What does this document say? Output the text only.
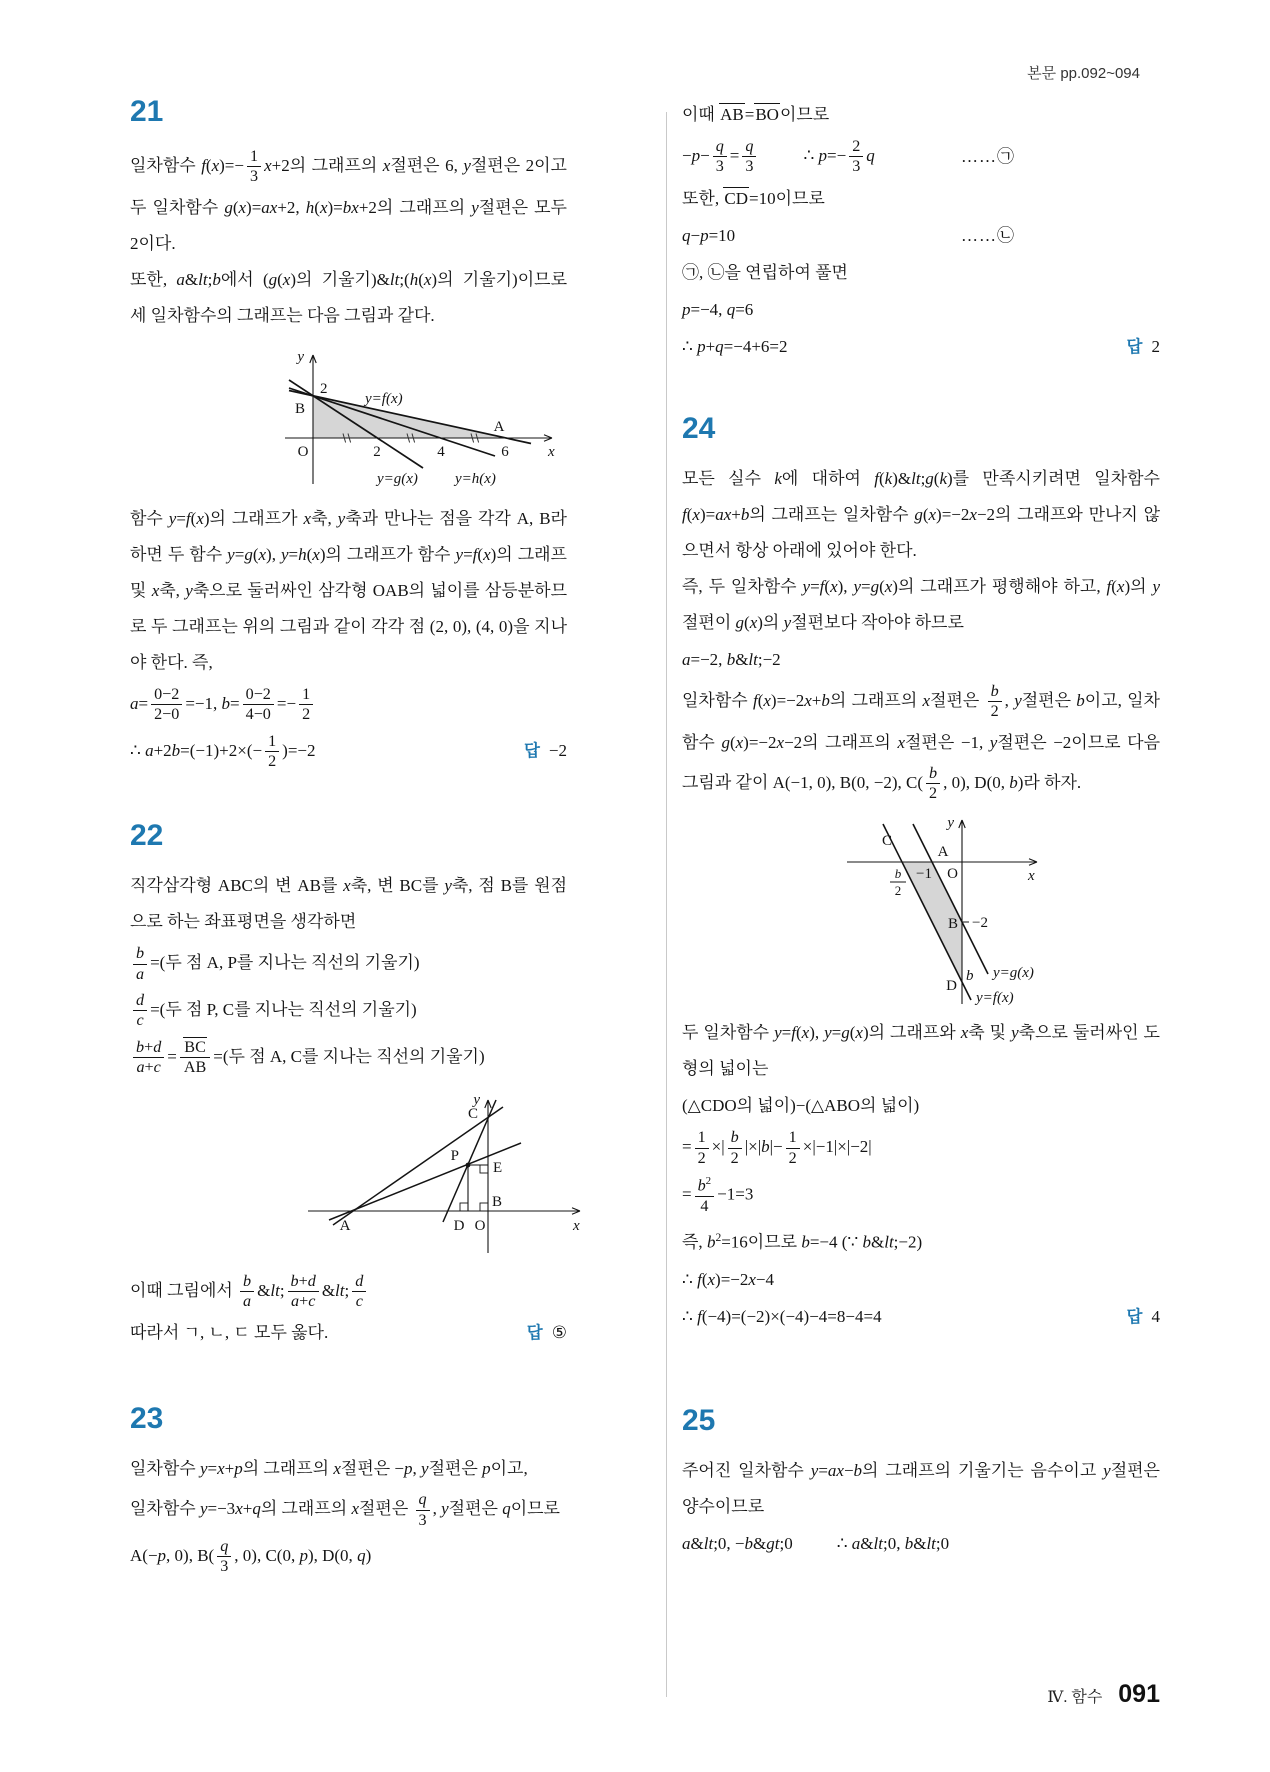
본문 pp.092~094
21

일차함수 $f(x)=- \frac{1}{3} x+2$의 그래프의 x절편은 6, y절편은 2이고 두 일차함수 g(x)=ax+2, h(x)=bx+2의 그래프의 y절편은 모두 2이다.

또한, a&lt;b에서 (g(x)의 기울기)&lt;(h(x)의 기울기)이므로 세 일차함수의 그래프는 다음 그림과 같다.

y
x
2
B
A
O	2	4	6
y=f(x)
y=g(x) y=h(x)

함수 y=f(x)의 그래프가 x축, y축과 만나는 점을 각각 A, B라 하면 두 함수 y=g(x), y=h(x)의 그래프가 함수 y=f(x)의 그래프 및 x축, y축으로 둘러싸인 삼각형 OAB의 넓이를 삼등분하므로 두 그래프는 위의 그림과 같이 각각 점 (2, 0), (4, 0)을 지나야 한다. 즉,

$a= \frac{0-2}{2-0} =-1$, $b= \frac{0-2}{4-0} =- \frac{1}{2}$
∴ $a+2b=(-1)+2\times(- \frac{1}{2} )=-2$	답 −2
22

직각삼각형 ABC의 변 AB를 x축, 변 BC를 y축, 점 B를 원점으로 하는 좌표평면을 생각하면

$\frac{b}{a}$ =(두 점 A, P를 지나는 직선의 기울기)
$\frac{d}{c}$ =(두 점 P, C를 지나는 직선의 기울기)
$\frac{b+d}{a+c} = \frac{BC}{AB}$ =(두 점 A, C를 지나는 직선의 기울기)
y
x
A	D O
B
C
P
E
이때 그림에서 $\frac{b}{a}$ &lt; $\frac{b+d}{a+c}$ &lt; $\frac{d}{c}$
따라서 ㄱ, ㄴ, ㄷ 모두 옳다.	답 ⑤
23

일차함수 y=x+p의 그래프의 x절편은 −p, y절편은 p이고,

일차함수 y=−3x+q의 그래프의 x절편은 $\frac{q}{3}$ , y절편은 q이므로

A(−p, 0), $B( \frac{q}{3}$ , 0), C(0, p), D(0, q)
이때 AB=BO이므로
$-p- \frac{q}{3} = \frac{q}{3}$	∴ $p=- \frac{2}{3}$ q	……㉠
또한, CD=10이므로
q−p=10	……㉡
㉠, ㉡을 연립하여 풀면
p=−4, q=6
∴ p+q=−4+6=2	답 2
24

모든 실수 k에 대하여 f(k)&lt;g(k)를 만족시키려면 일차함수 f(x)=ax+b의 그래프는 일차함수 g(x)=−2x−2의 그래프와 만나지 않으면서 항상 아래에 있어야 한다.

즉, 두 일차함수 y=f(x), y=g(x)의 그래프가 평행해야 하고, f(x)의 y절편이 g(x)의 y절편보다 작아야 하므로

a=−2, b&lt;−2

일차함수 f(x)=−2x+b의 그래프의 x절편은 $\frac{b}{2}$ , y절편은 b이고, 일차함수 g(x)=−2x−2의 그래프의 x절편은 −1, y절편은 −2이므로 다음 그림과 같이 A(−1, 0), B(0, −2), $C( \frac{b}{2}$ , 0), D(0, b)라 하자.

y
x
C
A
O
−1
b
2
B −2
D
b y=g(x)
y=f(x)

두 일차함수 y=f(x), y=g(x)의 그래프와 x축 및 y축으로 둘러싸인 도형의 넓이는

(△CDO의 넓이)−(△ABO의 넓이)
= $\frac{1}{2}$ ×| $\frac{b}{2} |\times|b|- \frac{1}{2} \times|-1|\times|-2|$
= $\frac{b^2}{4} -1=3$
즉, $b^2=16$이므로 b=−4 (∵ b&lt;−2)
∴ f(x)=−2x−4
∴ f(−4)=(−2)×(−4)−4=8−4=4	답 4
25

주어진 일차함수 y=ax−b의 그래프의 기울기는 음수이고 y절편은 양수이므로

a&lt;0, −b&gt;0	∴ a&lt;0, b&lt;0
Ⅳ. 함수 091
